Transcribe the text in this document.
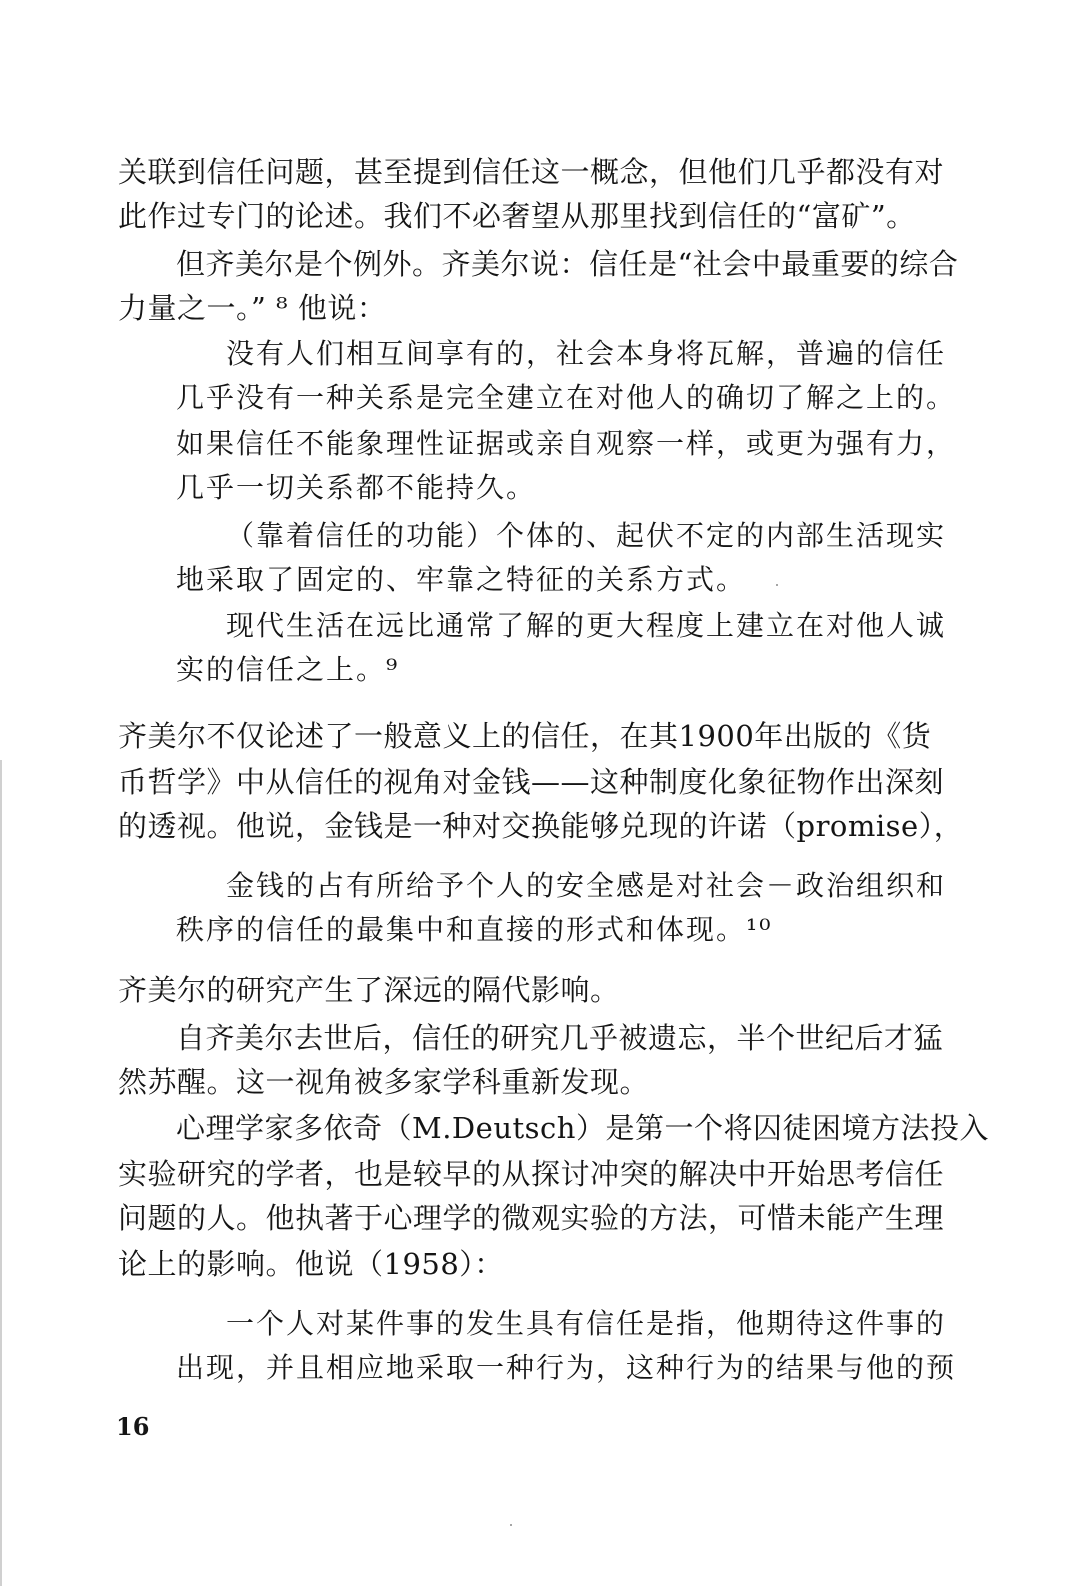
关联到信任问题，甚至提到信任这一概念，但他们几乎都没有对
此作过专门的论述。我们不必奢望从那里找到信任的“富矿”。
但齐美尔是个例外。齐美尔说：信任是“社会中最重要的综合
力量之一。” ⁸ 他说：
没有人们相互间享有的，社会本身将瓦解，普遍的信任
几乎没有一种关系是完全建立在对他人的确切了解之上的。
如果信任不能象理性证据或亲自观察一样，或更为强有力，
几乎一切关系都不能持久。
（靠着信任的功能）个体的、起伏不定的内部生活现实
地采取了固定的、牢靠之特征的关系方式。
现代生活在远比通常了解的更大程度上建立在对他人诚
实的信任之上。⁹
齐美尔不仅论述了一般意义上的信任，在其1900年出版的《货
币哲学》中从信任的视角对金钱——这种制度化象征物作出深刻
的透视。他说，金钱是一种对交换能够兑现的许诺（promise），
金钱的占有所给予个人的安全感是对社会－政治组织和
秩序的信任的最集中和直接的形式和体现。¹⁰
齐美尔的研究产生了深远的隔代影响。
自齐美尔去世后，信任的研究几乎被遗忘，半个世纪后才猛
然苏醒。这一视角被多家学科重新发现。
心理学家多依奇（M.Deutsch）是第一个将囚徒困境方法投入
实验研究的学者，也是较早的从探讨冲突的解决中开始思考信任
问题的人。他执著于心理学的微观实验的方法，可惜未能产生理
论上的影响。他说（1958）：
一个人对某件事的发生具有信任是指，他期待这件事的
出现，并且相应地采取一种行为，这种行为的结果与他的预
16
